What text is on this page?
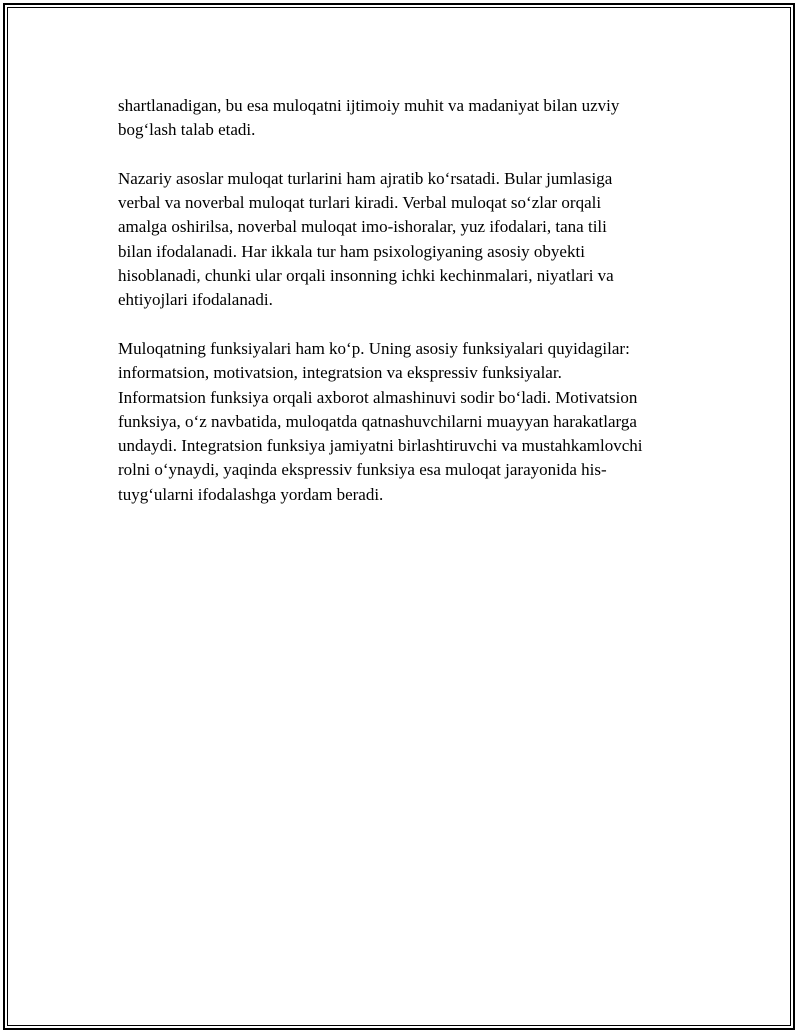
shartlanadigan, bu esa muloqatni ijtimoiy muhit va madaniyat bilan uzviy
bog‘lash talab etadi.

Nazariy asoslar muloqat turlarini ham ajratib ko‘rsatadi. Bular jumlasiga
verbal va noverbal muloqat turlari kiradi. Verbal muloqat so‘zlar orqali
amalga oshirilsa, noverbal muloqat imo-ishoralar, yuz ifodalari, tana tili
bilan ifodalanadi. Har ikkala tur ham psixologiyaning asosiy obyekti
hisoblanadi, chunki ular orqali insonning ichki kechinmalari, niyatlari va
ehtiyojlari ifodalanadi.

Muloqatning funksiyalari ham ko‘p. Uning asosiy funksiyalari quyidagilar:
informatsion, motivatsion, integratsion va ekspressiv funksiyalar.
Informatsion funksiya orqali axborot almashinuvi sodir bo‘ladi. Motivatsion
funksiya, o‘z navbatida, muloqatda qatnashuvchilarni muayyan harakatlarga
undaydi. Integratsion funksiya jamiyatni birlashtiruvchi va mustahkamlovchi
rolni o‘ynaydi, yaqinda ekspressiv funksiya esa muloqat jarayonida his-
tuyg‘ularni ifodalashga yordam beradi.
